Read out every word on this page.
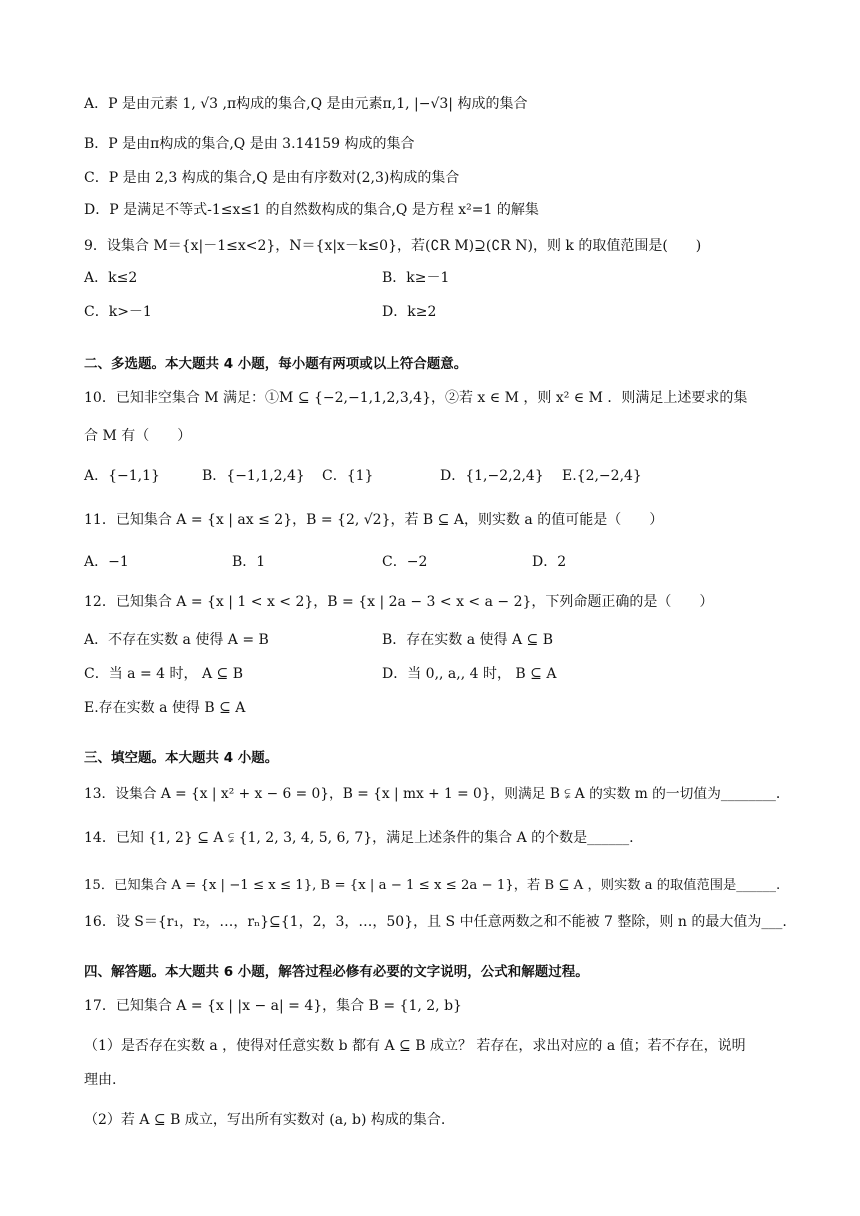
A．P 是由元素 1, √3 ,π构成的集合,Q 是由元素π,1, |−√3| 构成的集合
B．P 是由π构成的集合,Q 是由 3.14159 构成的集合
C．P 是由 2,3 构成的集合,Q 是由有序数对(2,3)构成的集合
D．P 是满足不等式-1≤x≤1 的自然数构成的集合,Q 是方程 x²=1 的解集
9．设集合 M＝{x|－1≤x<2}，N＝{x|x－k≤0}，若(∁R M)⊇(∁R N)，则 k 的取值范围是(　　)
A．k≤2	B．k≥－1
C．k>－1	D．k≥2
二、多选题。本大题共 4 小题，每小题有两项或以上符合题意。
10．已知非空集合 M 满足：①M ⊆ {−2,−1,1,2,3,4}，②若 x ∈ M ，则 x² ∈ M ．则满足上述要求的集
合 M 有（　　）
A．{−1,1}	B．{−1,1,2,4} C．{1}	D．{1,−2,2,4} E.{2,−2,4}
11．已知集合 A = {x | ax ≤ 2}，B = {2, √2}，若 B ⊆ A，则实数 a 的值可能是（　　）
A．−1	B．1	C．−2	D．2
12．已知集合 A = {x | 1 < x < 2}，B = {x | 2a − 3 < x < a − 2}，下列命题正确的是（　　）
A．不存在实数 a 使得 A = B	B．存在实数 a 使得 A ⊆ B
C．当 a = 4 时， A ⊆ B	D．当 0,, a,, 4 时， B ⊆ A
E.存在实数 a 使得 B ⊆ A
三、填空题。本大题共 4 小题。
13．设集合 A = {x | x² + x − 6 = 0}，B = {x | mx + 1 = 0}，则满足 B ⫋ A 的实数 m 的一切值为________.
14．已知 {1, 2} ⊆ A ⫋ {1, 2, 3, 4, 5, 6, 7}，满足上述条件的集合 A 的个数是______.
15．已知集合 A = {x | −1 ≤ x ≤ 1}, B = {x | a − 1 ≤ x ≤ 2a − 1}，若 B ⊆ A ，则实数 a 的取值范围是______.
16．设 S＝{r₁，r₂，…，rₙ}⊆{1，2，3，…，50}，且 S 中任意两数之和不能被 7 整除，则 n 的最大值为___.
四、解答题。本大题共 6 小题，解答过程必修有必要的文字说明，公式和解题过程。
17．已知集合 A = {x | |x − a| = 4}，集合 B = {1, 2, b}
（1）是否存在实数 a ，使得对任意实数 b 都有 A ⊆ B 成立？ 若存在，求出对应的 a 值；若不存在，说明
理由.
（2）若 A ⊆ B 成立，写出所有实数对 (a, b) 构成的集合.
